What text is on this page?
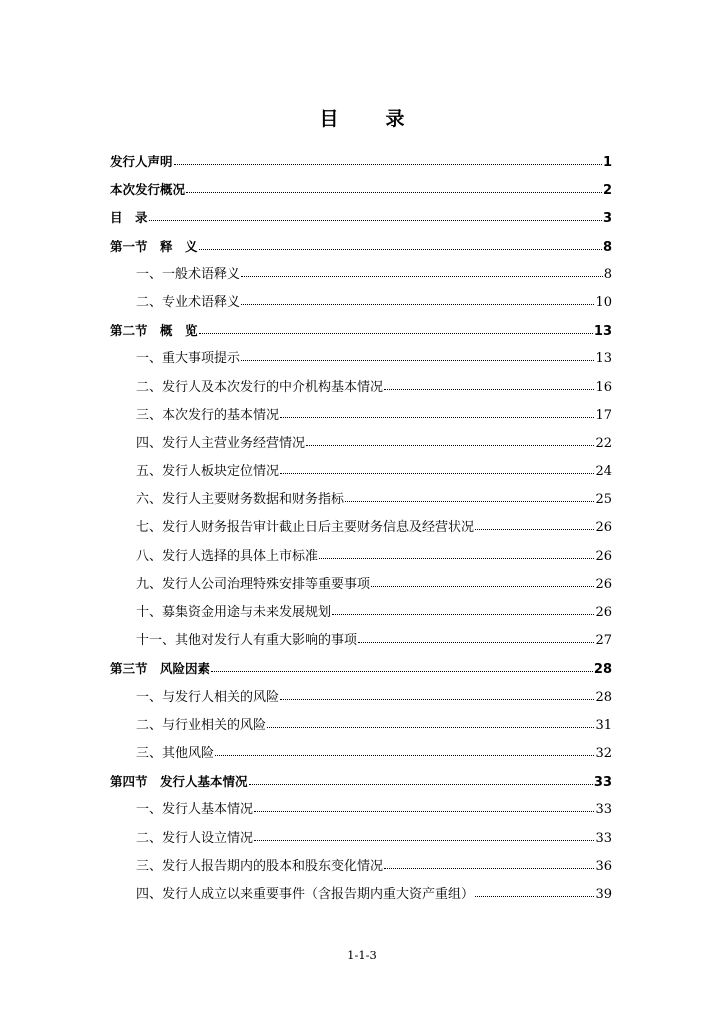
目　录
发行人声明	1
本次发行概况	2
目　录	3
第一节　释　义	8
一、一般术语释义	8
二、专业术语释义	10
第二节　概　览	13
一、重大事项提示	13
二、发行人及本次发行的中介机构基本情况	16
三、本次发行的基本情况	17
四、发行人主营业务经营情况	22
五、发行人板块定位情况	24
六、发行人主要财务数据和财务指标	25
七、发行人财务报告审计截止日后主要财务信息及经营状况	26
八、发行人选择的具体上市标准	26
九、发行人公司治理特殊安排等重要事项	26
十、募集资金用途与未来发展规划	26
十一、其他对发行人有重大影响的事项	27
第三节　风险因素	28
一、与发行人相关的风险	28
二、与行业相关的风险	31
三、其他风险	32
第四节　发行人基本情况	33
一、发行人基本情况	33
二、发行人设立情况	33
三、发行人报告期内的股本和股东变化情况	36
四、发行人成立以来重要事件（含报告期内重大资产重组）	39
1-1-3
